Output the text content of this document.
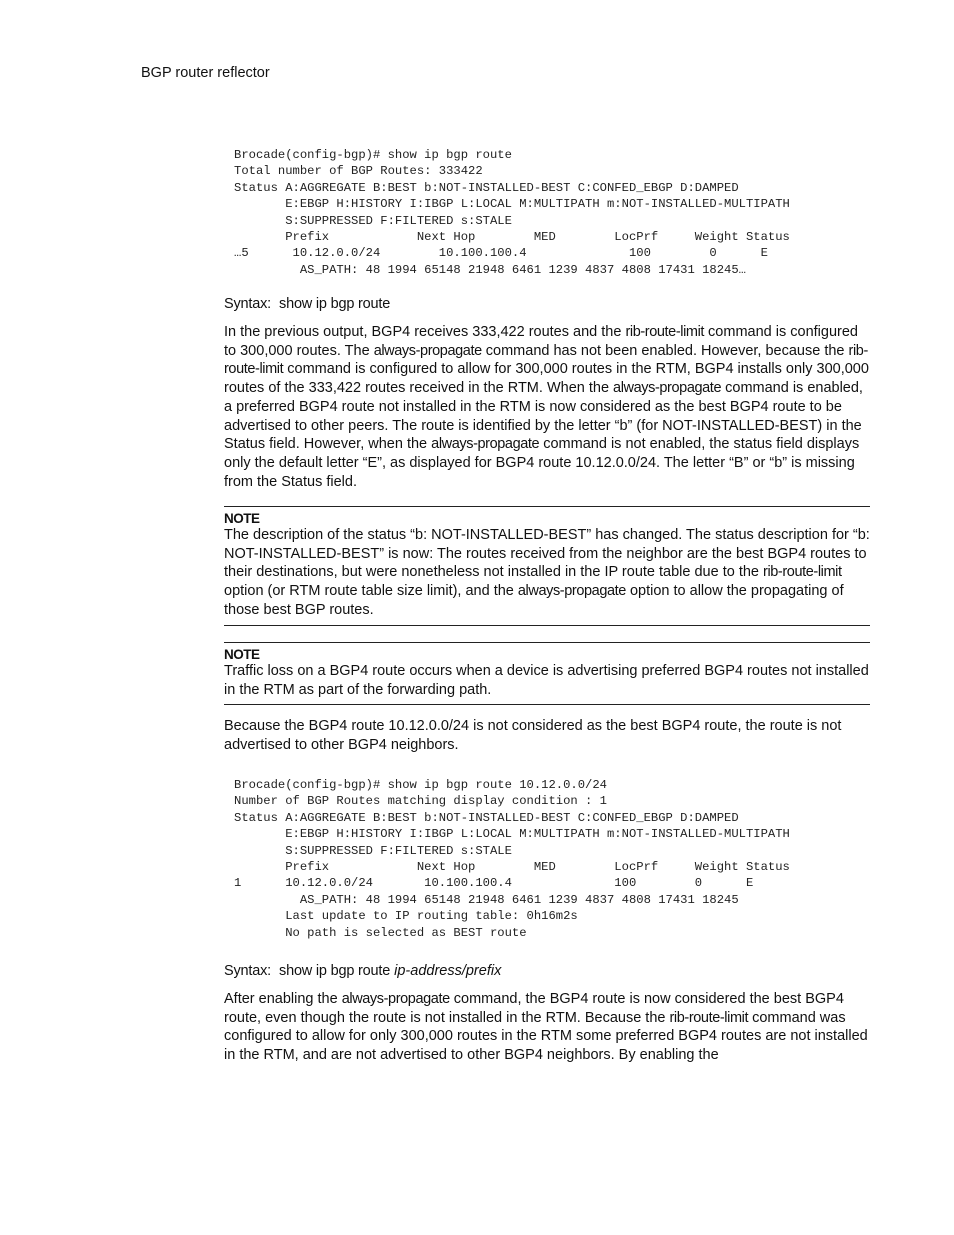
BGP router reflector
Brocade(config-bgp)# show ip bgp route
Total number of BGP Routes: 333422
Status A:AGGREGATE B:BEST b:NOT-INSTALLED-BEST C:CONFED_EBGP D:DAMPED
E:EBGP H:HISTORY I:IBGP L:LOCAL M:MULTIPATH m:NOT-INSTALLED-MULTIPATH
S:SUPPRESSED F:FILTERED s:STALE
Prefix            Next Hop        MED        LocPrf     Weight Status
…5      10.12.0.0/24        10.100.100.4              100        0      E
AS_PATH: 48 1994 65148 21948 6461 1239 4837 4808 17431 18245…
Syntax: show ip bgp route

In the previous output, BGP4 receives 333,422 routes and the rib-route-limit command is configured to 300,000 routes. The always-propagate command has not been enabled. However, because the rib-route-limit command is configured to allow for 300,000 routes in the RTM, BGP4 installs only 300,000 routes of the 333,422 routes received in the RTM. When the always-propagate command is enabled, a preferred BGP4 route not installed in the RTM is now considered as the best BGP4 route to be advertised to other peers. The route is identified by the letter “b” (for NOT-INSTALLED-BEST) in the Status field. However, when the always-propagate command is not enabled, the status field displays only the default letter “E”, as displayed for BGP4 route 10.12.0.0/24. The letter “B” or “b” is missing from the Status field.

NOTE

The description of the status “b: NOT-INSTALLED-BEST” has changed. The status description for “b: NOT-INSTALLED-BEST” is now: The routes received from the neighbor are the best BGP4 routes to their destinations, but were nonetheless not installed in the IP route table due to the rib-route-limit option (or RTM route table size limit), and the always-propagate option to allow the propagating of those best BGP routes.

NOTE

Traffic loss on a BGP4 route occurs when a device is advertising preferred BGP4 routes not installed in the RTM as part of the forwarding path.

Because the BGP4 route 10.12.0.0/24 is not considered as the best BGP4 route, the route is not advertised to other BGP4 neighbors.

Brocade(config-bgp)# show ip bgp route 10.12.0.0/24
Number of BGP Routes matching display condition : 1
Status A:AGGREGATE B:BEST b:NOT-INSTALLED-BEST C:CONFED_EBGP D:DAMPED
E:EBGP H:HISTORY I:IBGP L:LOCAL M:MULTIPATH m:NOT-INSTALLED-MULTIPATH
S:SUPPRESSED F:FILTERED s:STALE
Prefix            Next Hop        MED        LocPrf     Weight Status
1      10.12.0.0/24       10.100.100.4              100        0      E
AS_PATH: 48 1994 65148 21948 6461 1239 4837 4808 17431 18245
Last update to IP routing table: 0h16m2s
No path is selected as BEST route
Syntax: show ip bgp route ip-address/prefix

After enabling the always-propagate command, the BGP4 route is now considered the best BGP4 route, even though the route is not installed in the RTM. Because the rib-route-limit command was configured to allow for only 300,000 routes in the RTM some preferred BGP4 routes are not installed in the RTM, and are not advertised to other BGP4 neighbors. By enabling the
